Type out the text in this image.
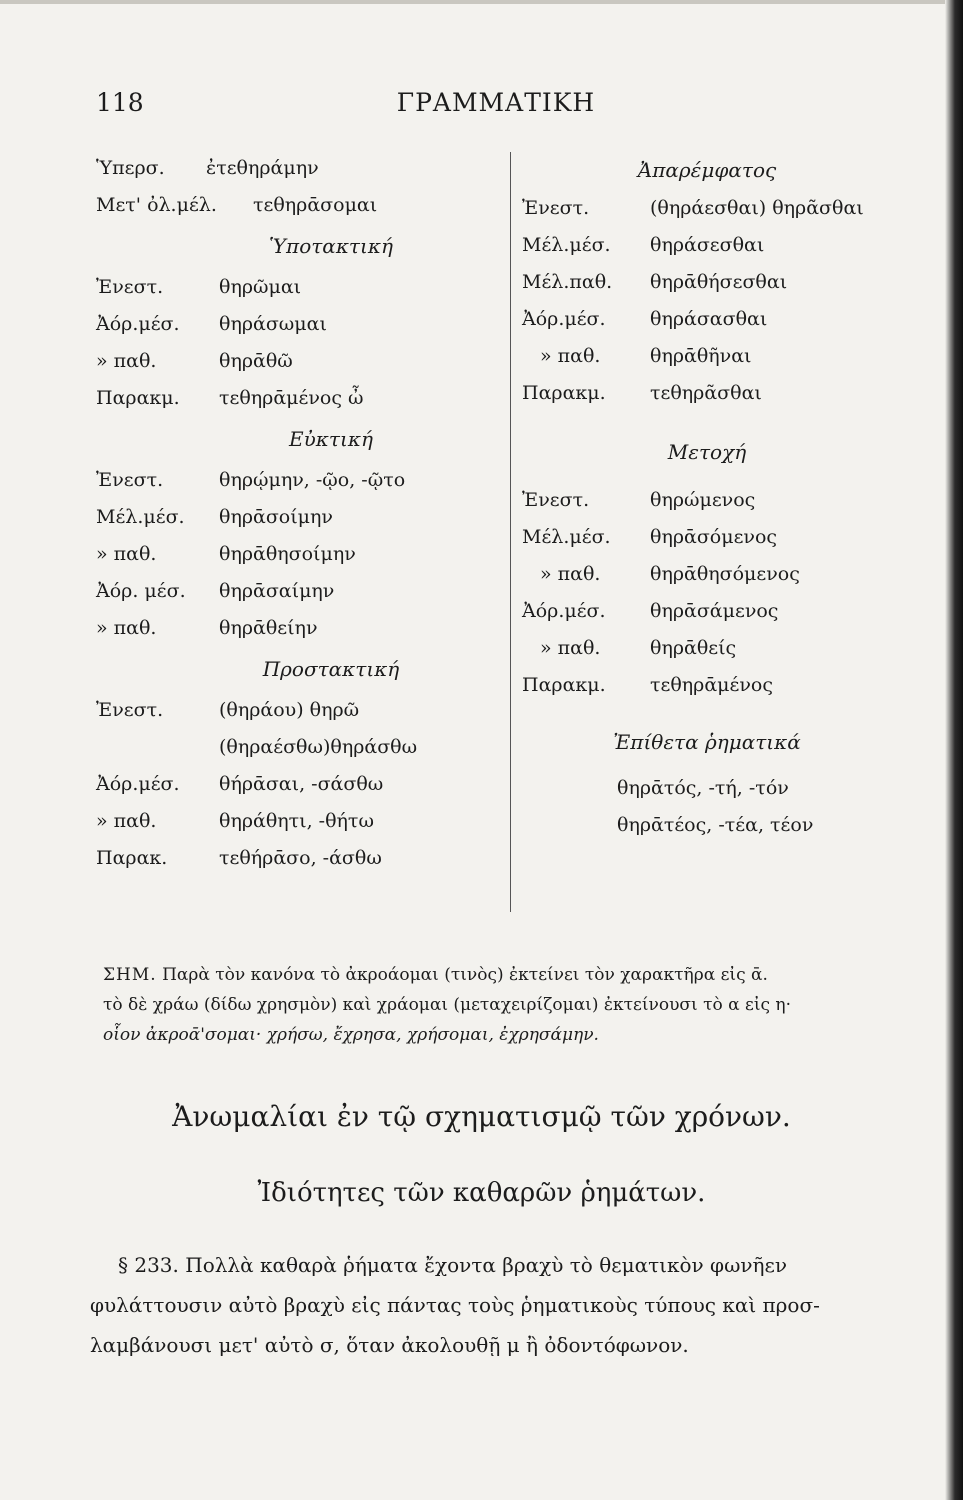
ΓΡΑΜΜΑΤΙΚΗ
118
Ὑπερσ. ἐτεθηράμην
Μετ' ὀλ.μέλ. τεθηρᾱσομαι
Ὑποτακτική
Ἐνεστ.	θηρῶμαι
Ἀόρ.μέσ. θηράσωμαι
» παθ.	θηρᾱθῶ
Παρακμ. τεθηρᾱμένος ὦ
Εὐκτική
Ἐνεστ.	θηρῴμην, -ῷο, -ῷτο
Μέλ.μέσ. θηρᾱσοίμην
» παθ.	θηρᾱθησοίμην
Ἀόρ. μέσ. θηρᾱσαίμην
» παθ.	θηρᾱθείην
Προστακτική
Ἐνεστ.	(θηράου) θηρῶ
(θηραέσθω)θηράσθω
Ἀόρ.μέσ. θήρᾱσαι, -σάσθω
» παθ.	θηράθητι, -θήτω
Παρακ.	τεθήρᾱσο, -άσθω
Ἀπαρέμφατος
Ἐνεστ.	(θηράεσθαι) θηρᾶσθαι
Μέλ.μέσ. θηράσεσθαι
Μέλ.παθ. θηρᾱθήσεσθαι
Ἀόρ.μέσ. θηράσασθαι
» παθ.	θηρᾱθῆναι
Παρακμ. τεθηρᾶσθαι
Μετοχή
Ἐνεστ.	θηρώμενος
Μέλ.μέσ. θηρᾱσόμενος
» παθ.	θηρᾱθησόμενος
Ἀόρ.μέσ. θηρᾱσάμενος
» παθ.	θηρᾱθείς
Παρακμ. τεθηρᾱμένος
Ἐπίθετα ῥηματικά
θηρᾱτός, -τή, -τόν
θηρᾱτέος, -τέα, τέον
ΣΗΜ. Παρὰ τὸν κανόνα τὸ ἀκροάομαι (τινὸς) ἐκτείνει τὸν χαρακτῆρα εἰς ᾱ.
τὸ δὲ χράω (δίδω χρησμὸν) καὶ χράομαι (μεταχειρίζομαι) ἐκτείνουσι τὸ α εἰς η·
οἷον ἀκροᾱ'σομαι· χρήσω, ἔχρησα, χρήσομαι, ἐχρησάμην.
Ἀνωμαλίαι ἐν τῷ σχηματισμῷ τῶν χρόνων.
Ἰδιότητες τῶν καθαρῶν ῥημάτων.
§ 233. Πολλὰ καθαρὰ ῥήματα ἔχοντα βραχὺ τὸ θεματικὸν φωνῆεν
φυλάττουσιν αὐτὸ βραχὺ εἰς πάντας τοὺς ῥηματικοὺς τύπους καὶ προσ-
λαμβάνουσι μετ' αὐτὸ σ, ὅταν ἀκολουθῇ μ ἢ ὀδοντόφωνον.
